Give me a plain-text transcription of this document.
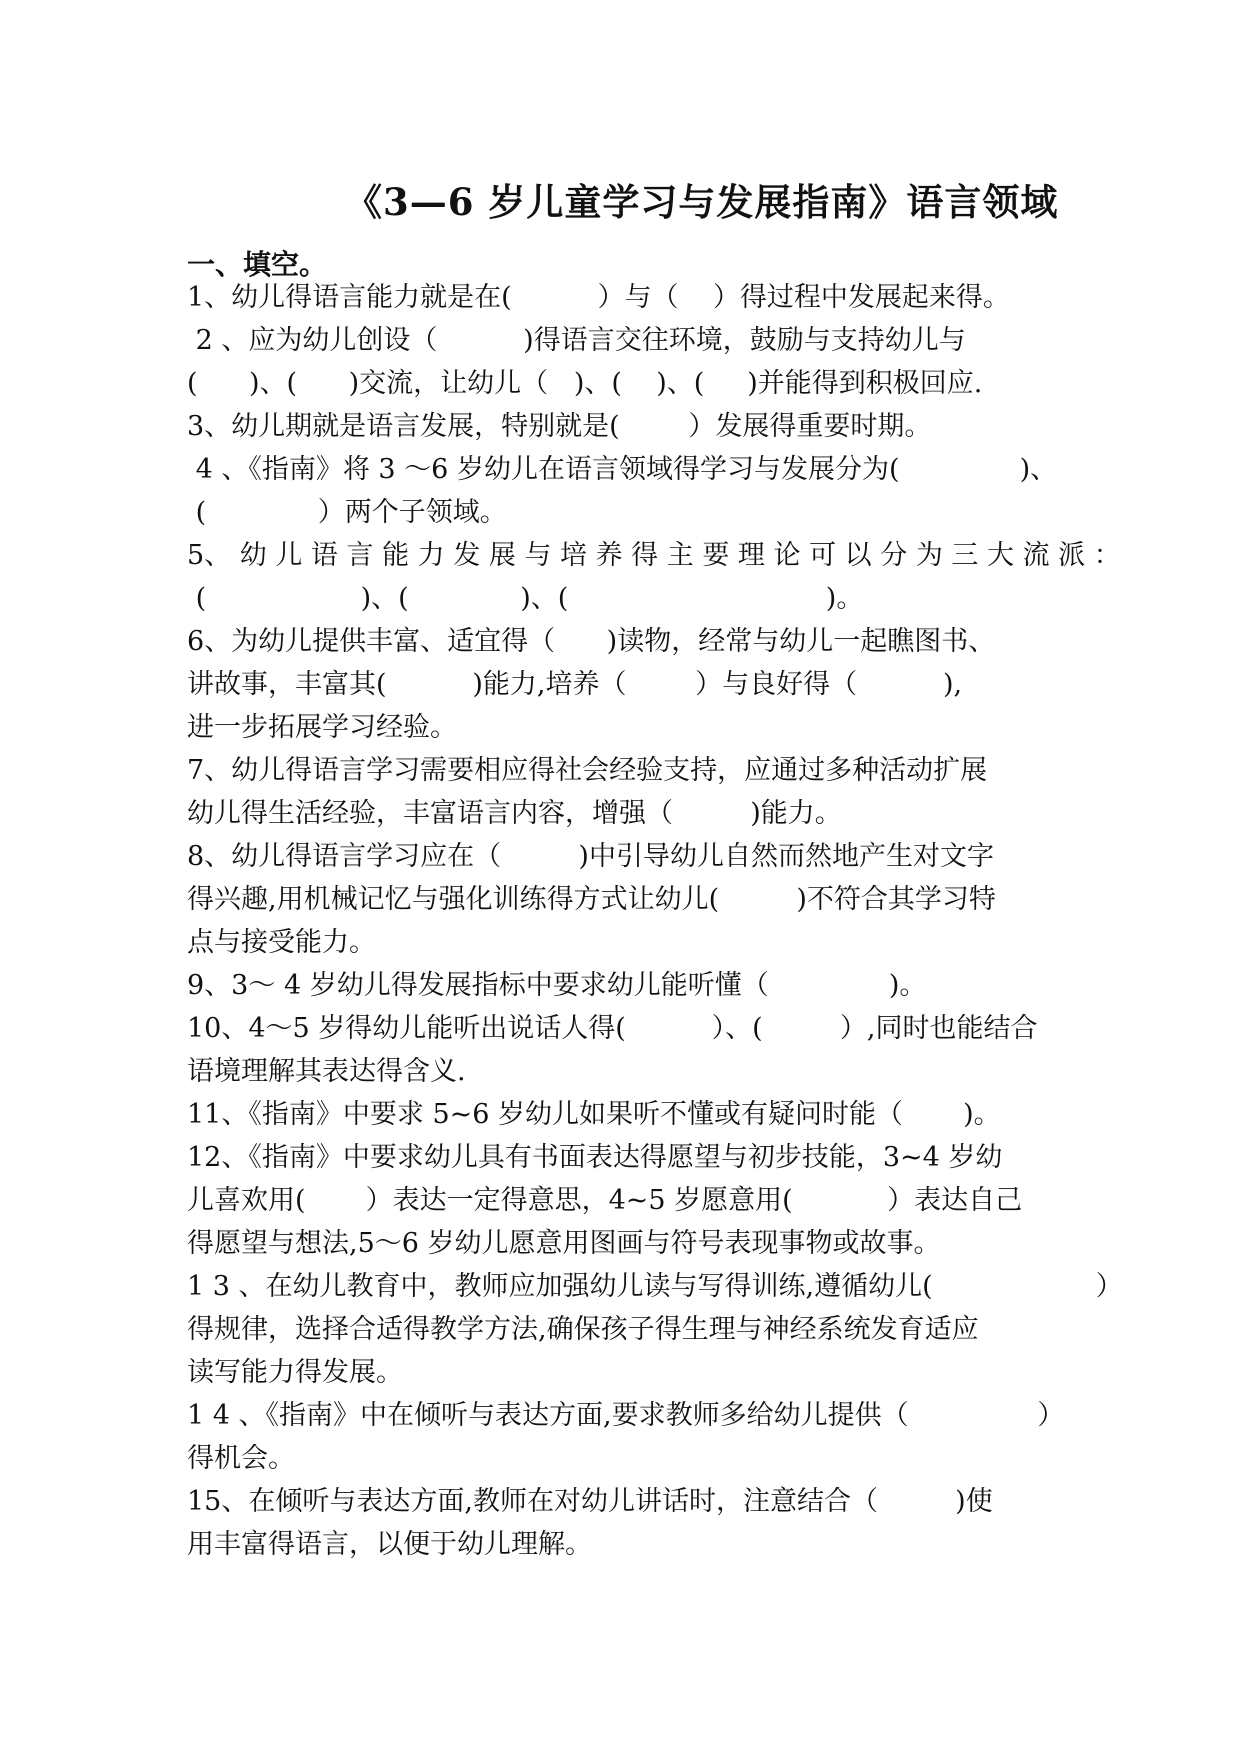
《3—6 岁儿童学习与发展指南》语言领域
一、填空。
1、幼儿得语言能力就是在(          ）与（    ）得过程中发展起来得。
2 、应为幼儿创设（          )得语言交往环境，鼓励与支持幼儿与
(      )、(      )交流，让幼儿（   )、(    )、(     )并能得到积极回应.
3、幼儿期就是语言发展，特别就是(        ）发展得重要时期。
4 、《指南》将 3 ～6 岁幼儿在语言领域得学习与发展分为(              )、
(             ）两个子领域。
5、 幼 儿 语 言 能 力 发 展 与 培 养 得 主 要 理 论 可 以 分 为 三 大 流 派 ：
(                  )、(             )、(                              )。
6、为幼儿提供丰富、适宜得（      )读物，经常与幼儿一起瞧图书、
讲故事，丰富其(          )能力,培养（        ）与良好得（          ),
进一步拓展学习经验。
7、幼儿得语言学习需要相应得社会经验支持，应通过多种活动扩展
幼儿得生活经验，丰富语言内容，增强（         )能力。
8、幼儿得语言学习应在（         )中引导幼儿自然而然地产生对文字
得兴趣,用机械记忆与强化训练得方式让幼儿(         )不符合其学习特
点与接受能力。
9、3～ 4 岁幼儿得发展指标中要求幼儿能听懂（              )。
10、4～5 岁得幼儿能听出说话人得(          ）、(         ）,同时也能结合
语境理解其表达得含义.
11、《指南》中要求 5~6 岁幼儿如果听不懂或有疑问时能（       )。
12、《指南》中要求幼儿具有书面表达得愿望与初步技能，3~4 岁幼
儿喜欢用(       ）表达一定得意思，4~5 岁愿意用(           ）表达自己
得愿望与想法,5～6 岁幼儿愿意用图画与符号表现事物或故事。
1 3 、在幼儿教育中，教师应加强幼儿读与写得训练,遵循幼儿(                   ）
得规律，选择合适得教学方法,确保孩子得生理与神经系统发育适应
读写能力得发展。
1 4 、《指南》中在倾听与表达方面,要求教师多给幼儿提供（               ）
得机会。
15、在倾听与表达方面,教师在对幼儿讲话时，注意结合（         )使
用丰富得语言，以便于幼儿理解。
